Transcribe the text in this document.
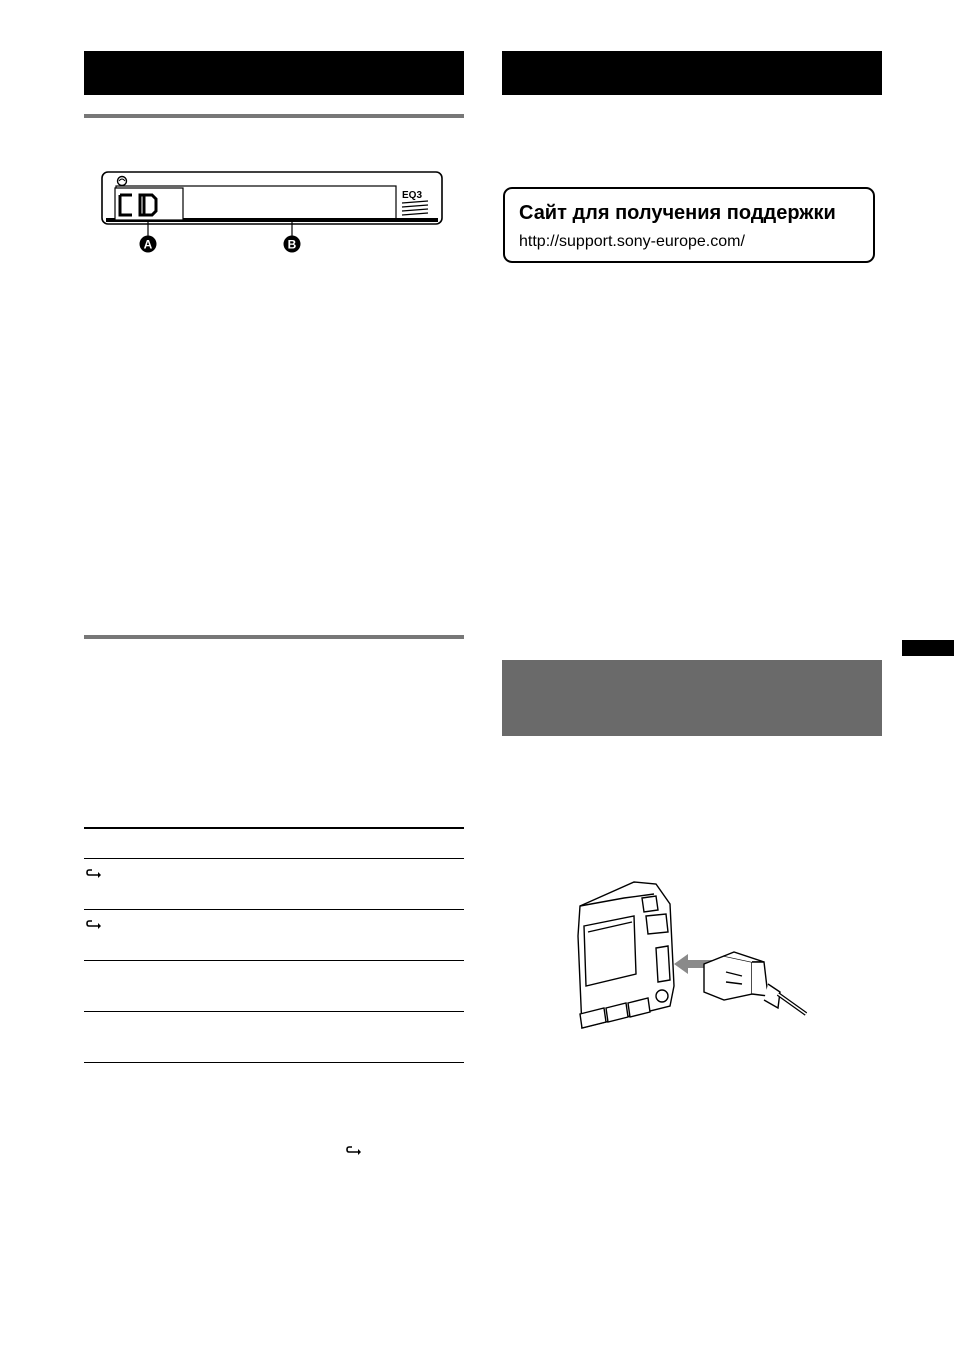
EQ3
A	B
Сайт для получения поддержки
http://support.sony-europe.com/
